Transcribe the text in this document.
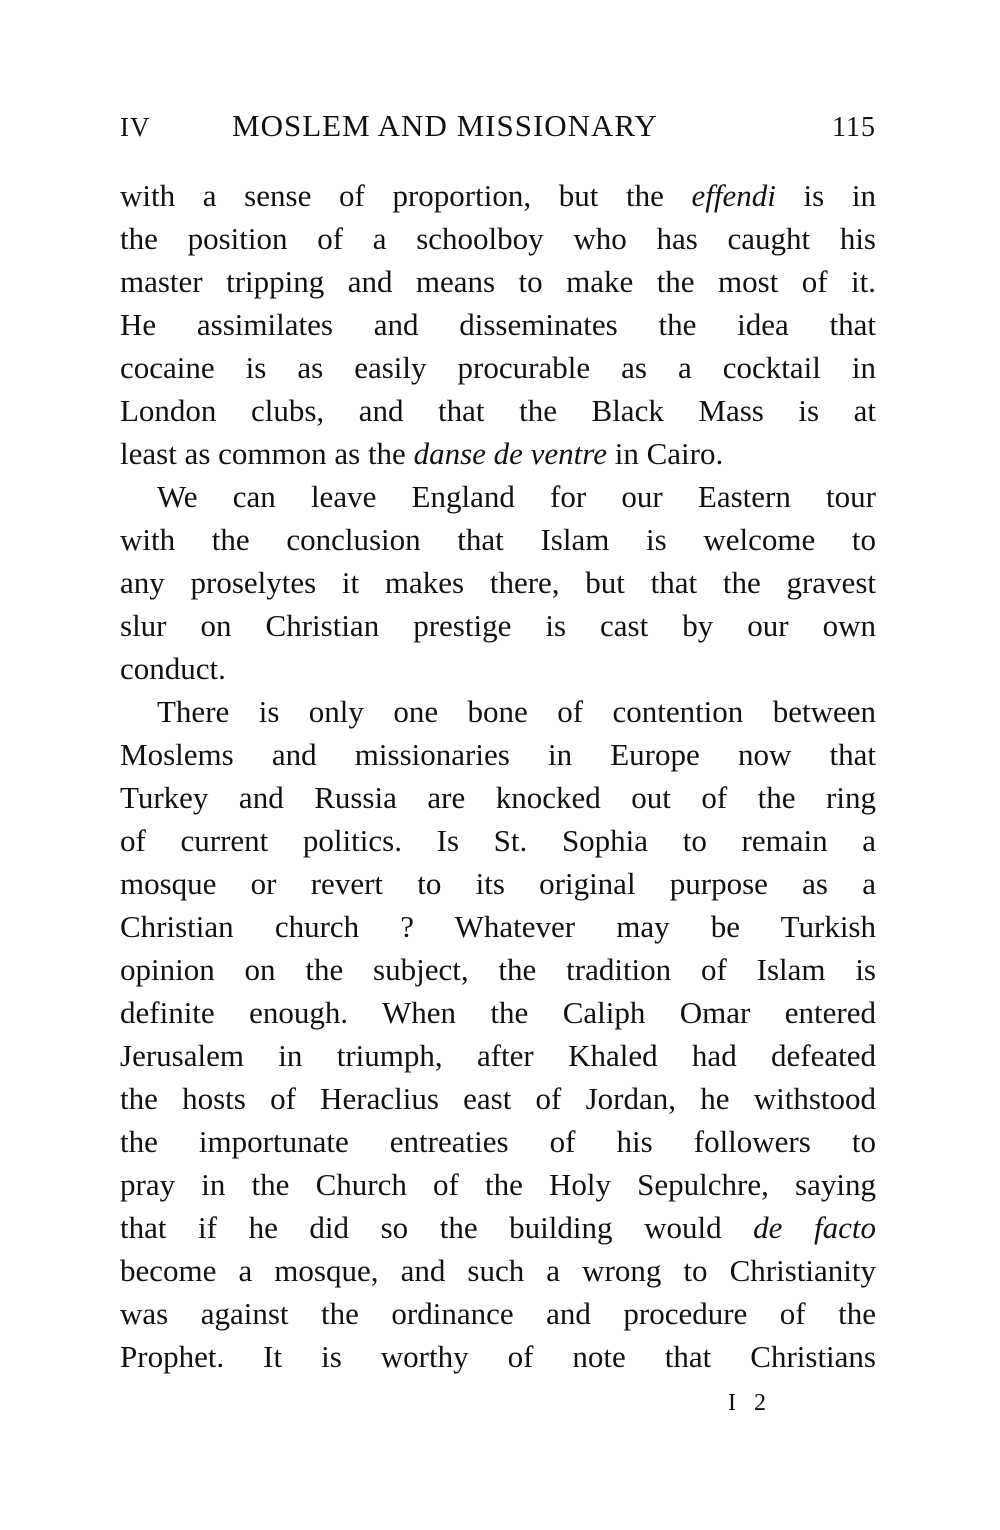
IV	MOSLEM AND MISSIONARY	115
with a sense of proportion, but the effendi is in
the position of a schoolboy who has caught his
master tripping and means to make the most of it.
He assimilates and disseminates the idea that
cocaine is as easily procurable as a cocktail in
London clubs, and that the Black Mass is at
least as common as the danse de ventre in Cairo.
We can leave England for our Eastern tour
with the conclusion that Islam is welcome to
any proselytes it makes there, but that the gravest
slur on Christian prestige is cast by our own
conduct.
There is only one bone of contention between
Moslems and missionaries in Europe now that
Turkey and Russia are knocked out of the ring
of current politics. Is St. Sophia to remain a
mosque or revert to its original purpose as a
Christian church ? Whatever may be Turkish
opinion on the subject, the tradition of Islam is
definite enough. When the Caliph Omar entered
Jerusalem in triumph, after Khaled had defeated
the hosts of Heraclius east of Jordan, he withstood
the importunate entreaties of his followers to
pray in the Church of the Holy Sepulchre, saying
that if he did so the building would de facto
become a mosque, and such a wrong to Christianity
was against the ordinance and procedure of the
Prophet. It is worthy of note that Christians
I 2
